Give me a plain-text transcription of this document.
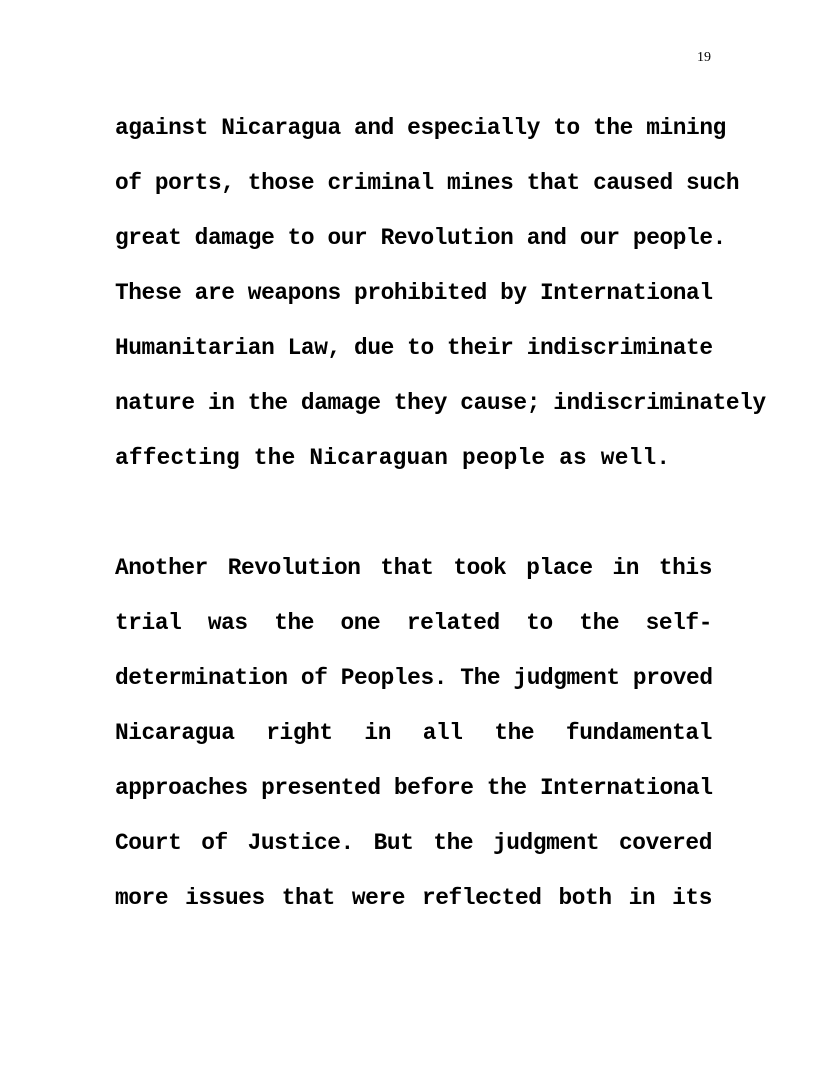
19
against Nicaragua and especially to the mining
of ports, those criminal mines that caused such
great damage to our Revolution and our people.
These are weapons prohibited by International
Humanitarian Law, due to their indiscriminate
nature in the damage they cause; indiscriminately
affecting the Nicaraguan people as well.
Another Revolution that took place in this
trial was the one related to the self-
determination of Peoples. The judgment proved
Nicaragua right in all the fundamental
approaches presented before the International
Court of Justice. But the judgment covered
more issues that were reflected both in its
